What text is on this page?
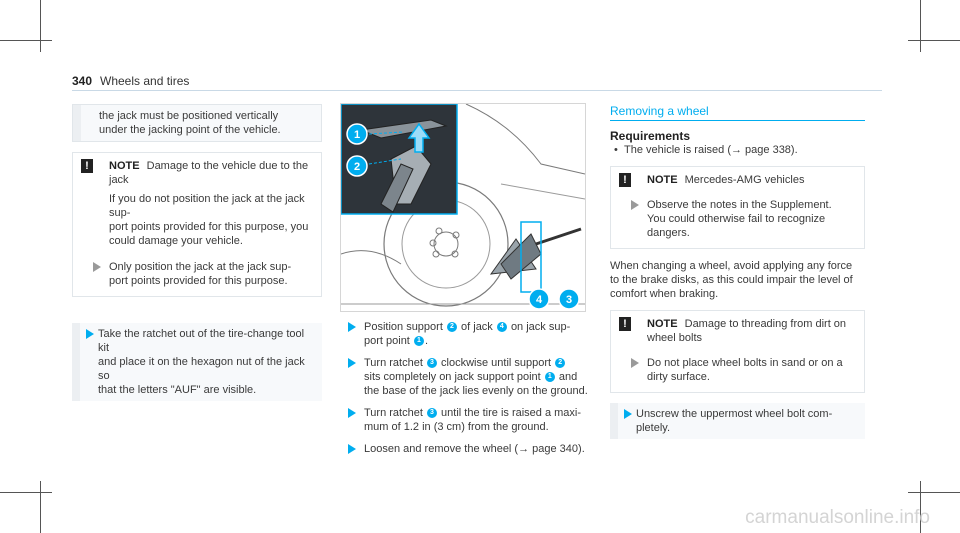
340 Wheels and tires
the jack must be positioned vertically
under the jacking point of the vehicle.
!	NOTE Damage to the vehicle due to the
jack
If you do not position the jack at the jack sup-
port points provided for this purpose, you
could damage your vehicle.
Only position the jack at the jack sup-
port points provided for this purpose.
Take the ratchet out of the tire-change tool kit
and place it on the hexagon nut of the jack so
that the letters "AUF" are visible.
1
2
4 3
Position support 2 of jack 4 on jack sup-
port point 1 .
Turn ratchet 3 clockwise until support 2
sits completely on jack support point 1 and
the base of the jack lies evenly on the ground.
Turn ratchet 3 until the tire is raised a maxi-
mum of 1.2 in (3 cm) from the ground.
Loosen and remove the wheel (→ page 340).
Removing a wheel
Requirements
• The vehicle is raised (→ page 338).
!	NOTE Mercedes-AMG vehicles
Observe the notes in the Supplement.
You could otherwise fail to recognize
dangers.
When changing a wheel, avoid applying any force
to the brake disks, as this could impair the level of
comfort when braking.
!	NOTE Damage to threading from dirt on
wheel bolts
Do not place wheel bolts in sand or on a
dirty surface.
Unscrew the uppermost wheel bolt com-
pletely.
carmanualsonline.info
